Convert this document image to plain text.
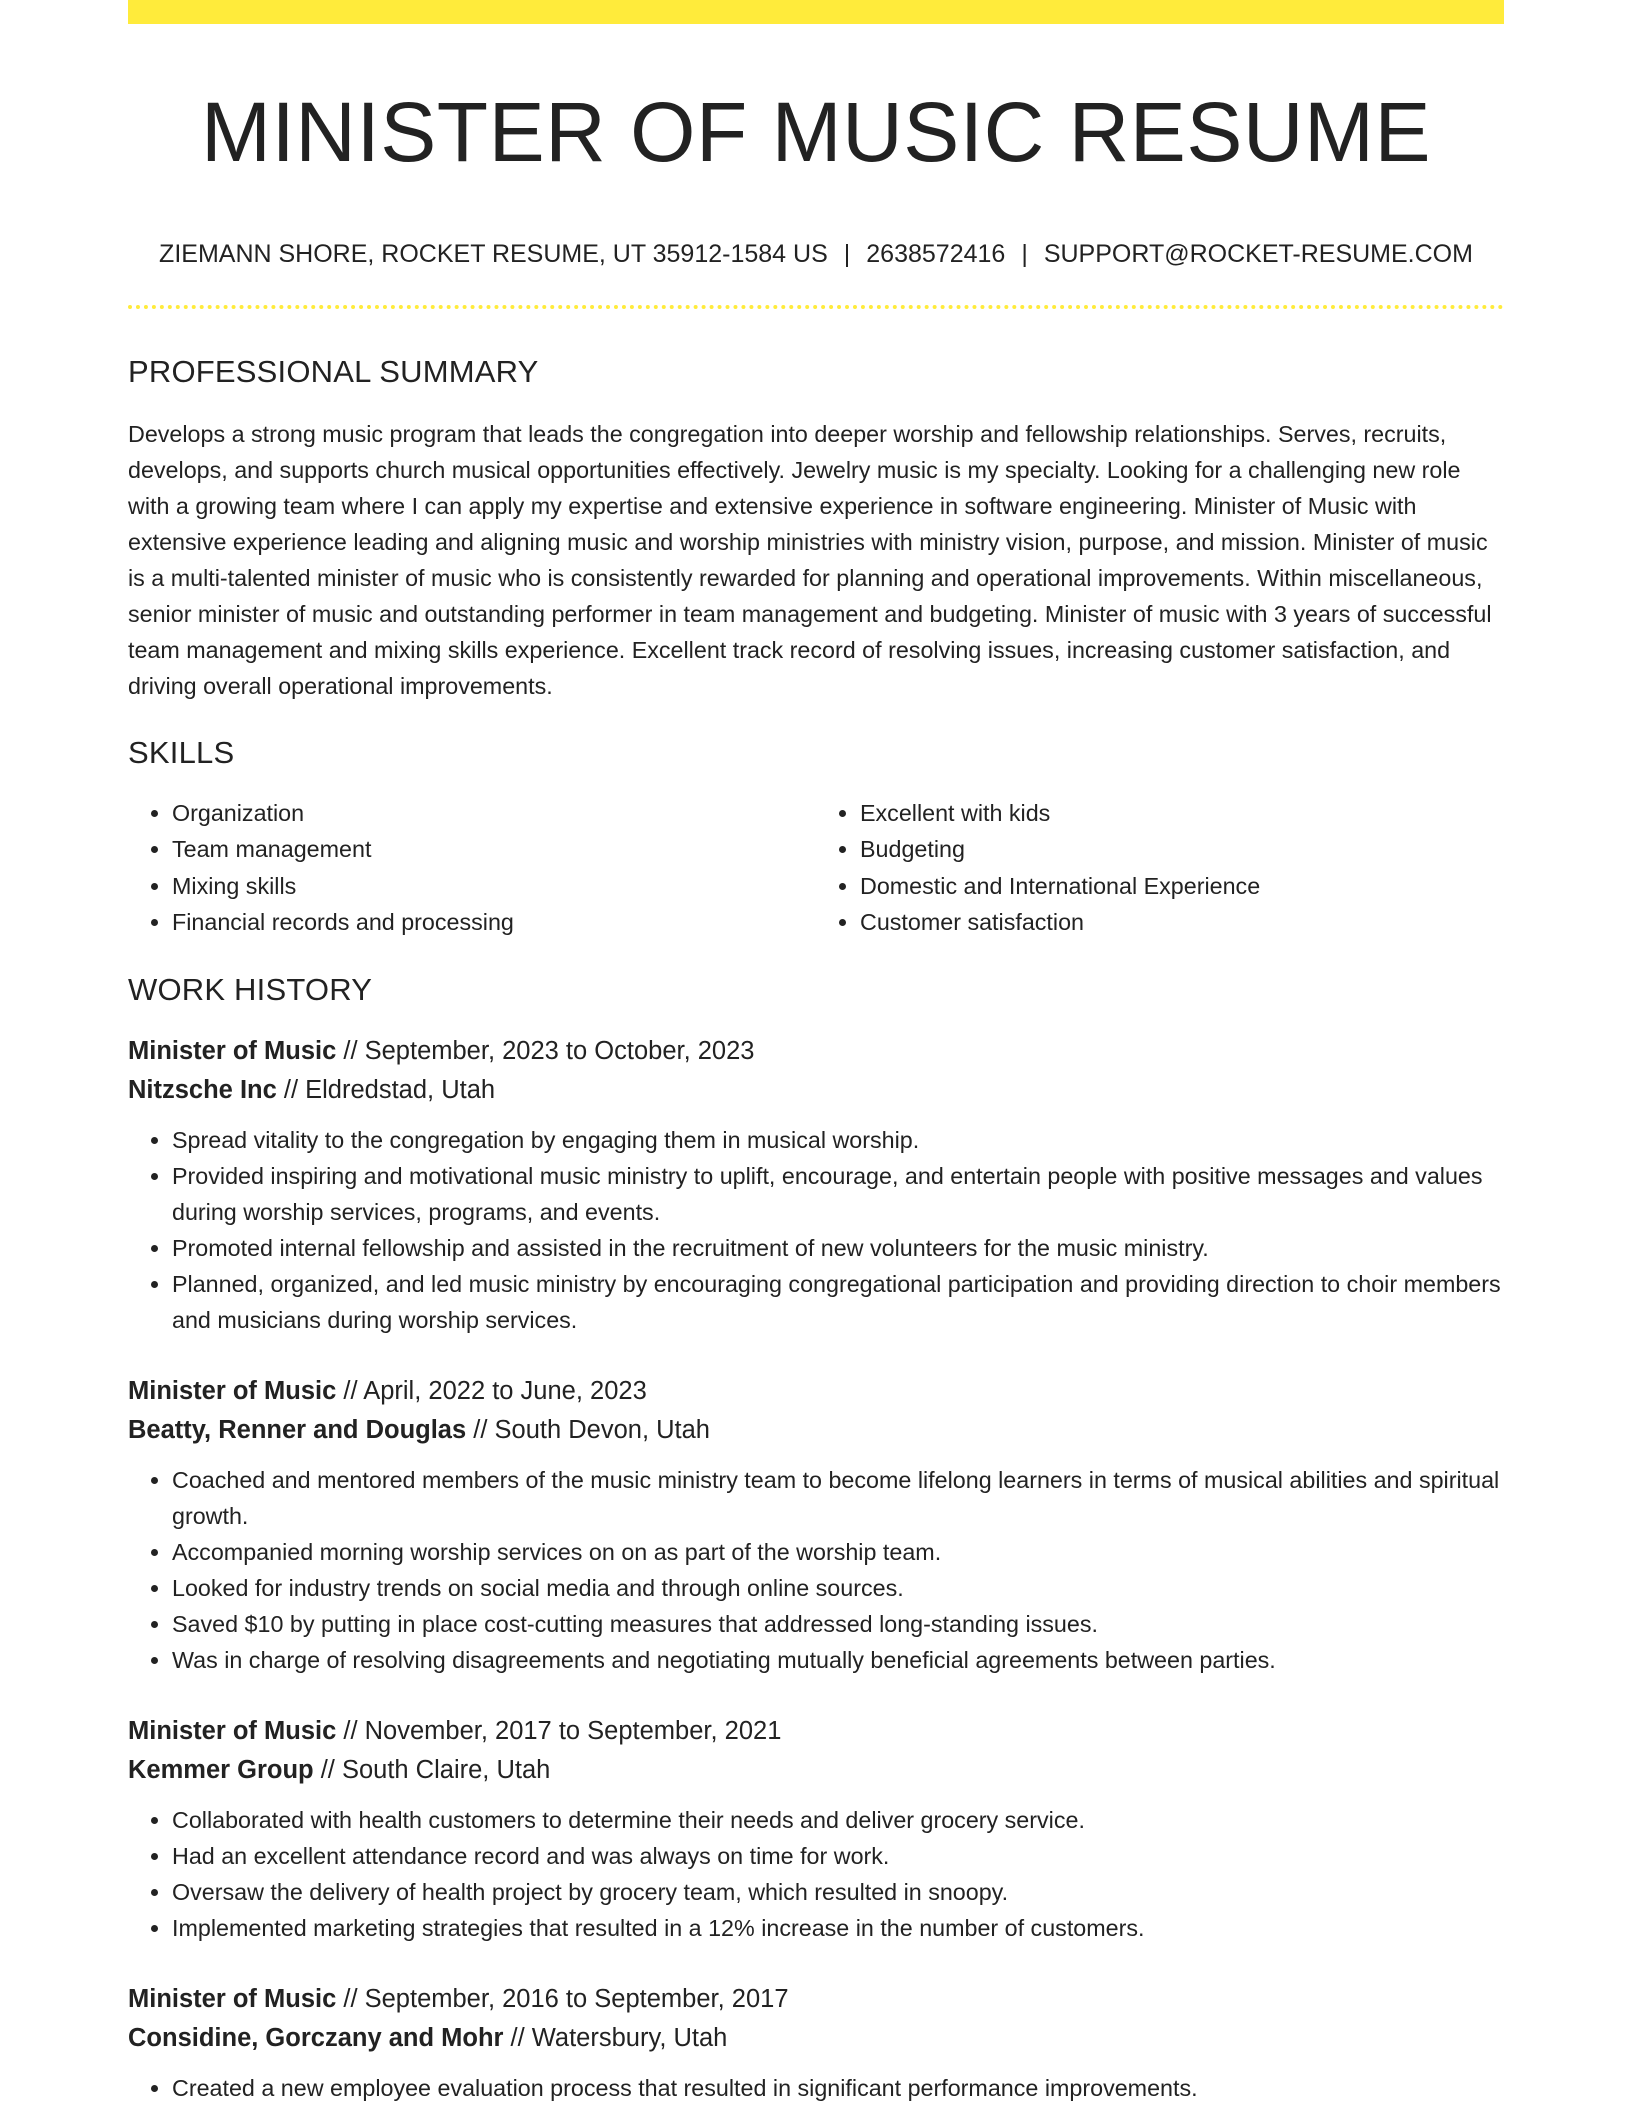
MINISTER OF MUSIC RESUME
ZIEMANN SHORE, ROCKET RESUME, UT 35912-1584 US | 2638572416 | SUPPORT@ROCKET-RESUME.COM
PROFESSIONAL SUMMARY

Develops a strong music program that leads the congregation into deeper worship and fellowship relationships. Serves, recruits, develops, and supports church musical opportunities effectively. Jewelry music is my specialty. Looking for a challenging new role with a growing team where I can apply my expertise and extensive experience in software engineering. Minister of Music with extensive experience leading and aligning music and worship ministries with ministry vision, purpose, and mission. Minister of music is a multi-talented minister of music who is consistently rewarded for planning and operational improvements. Within miscellaneous, senior minister of music and outstanding performer in team management and budgeting. Minister of music with 3 years of successful team management and mixing skills experience. Excellent track record of resolving issues, increasing customer satisfaction, and driving overall operational improvements.

SKILLS
• Organization
• Team management
• Mixing skills
• Financial records and processing
• Excellent with kids
• Budgeting
• Domestic and International Experience
• Customer satisfaction
WORK HISTORY
Minister of Music // September, 2023 to October, 2023
Nitzsche Inc // Eldredstad, Utah
• Spread vitality to the congregation by engaging them in musical worship.
• Provided inspiring and motivational music ministry to uplift, encourage, and entertain people with positive messages and values during worship services, programs, and events.
• Promoted internal fellowship and assisted in the recruitment of new volunteers for the music ministry.
• Planned, organized, and led music ministry by encouraging congregational participation and providing direction to choir members and musicians during worship services.
Minister of Music // April, 2022 to June, 2023
Beatty, Renner and Douglas // South Devon, Utah
• Coached and mentored members of the music ministry team to become lifelong learners in terms of musical abilities and spiritual growth.
• Accompanied morning worship services on on as part of the worship team.
• Looked for industry trends on social media and through online sources.
• Saved $10 by putting in place cost-cutting measures that addressed long-standing issues.
• Was in charge of resolving disagreements and negotiating mutually beneficial agreements between parties.
Minister of Music // November, 2017 to September, 2021
Kemmer Group // South Claire, Utah
• Collaborated with health customers to determine their needs and deliver grocery service.
• Had an excellent attendance record and was always on time for work.
• Oversaw the delivery of health project by grocery team, which resulted in snoopy.
• Implemented marketing strategies that resulted in a 12% increase in the number of customers.
Minister of Music // September, 2016 to September, 2017
Considine, Gorczany and Mohr // Watersbury, Utah
• Created a new employee evaluation process that resulted in significant performance improvements.
